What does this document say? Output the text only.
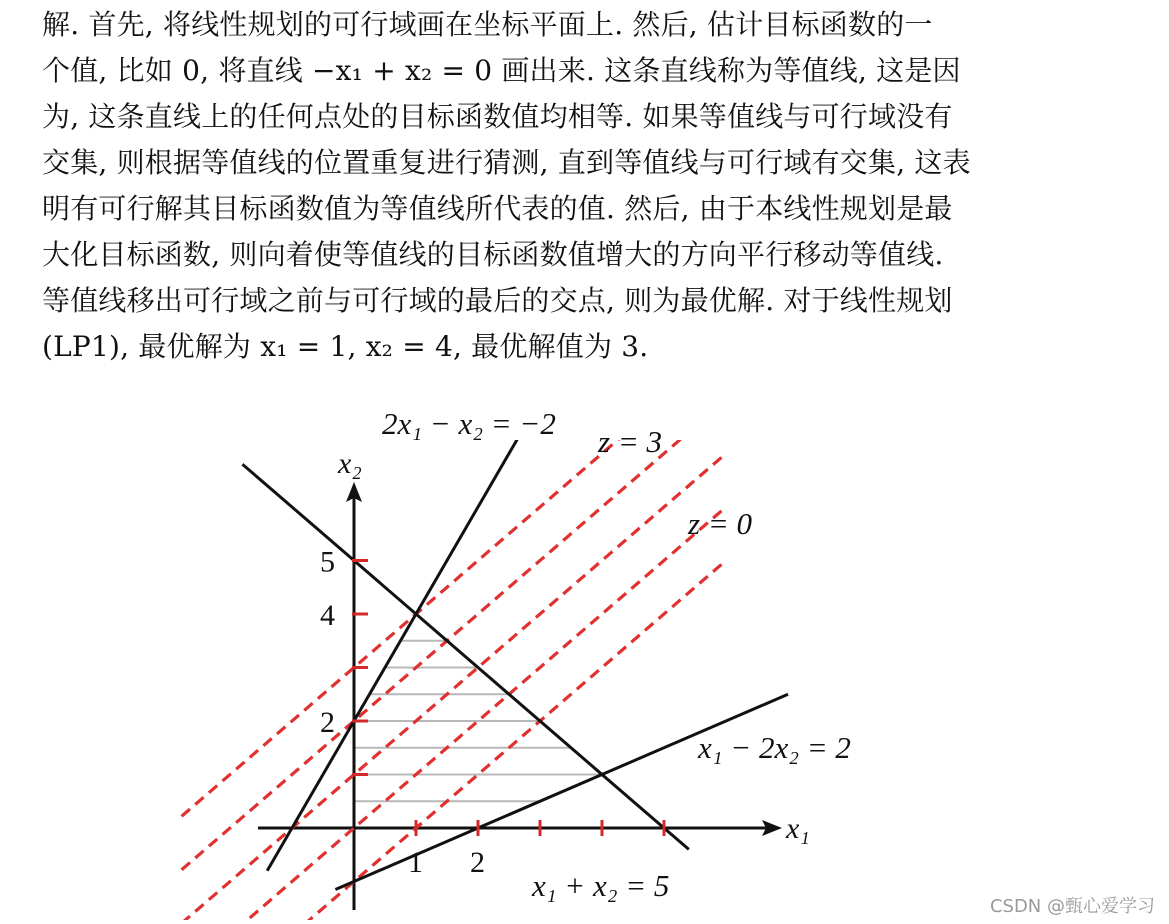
解. 首先, 将线性规划的可行域画在坐标平面上. 然后, 估计目标函数的一
个值, 比如 0, 将直线 −x₁ + x₂ = 0 画出来. 这条直线称为等值线, 这是因
为, 这条直线上的任何点处的目标函数值均相等. 如果等值线与可行域没有
交集, 则根据等值线的位置重复进行猜测, 直到等值线与可行域有交集, 这表
明有可行解其目标函数值为等值线所代表的值. 然后, 由于本线性规划是最
大化目标函数, 则向着使等值线的目标函数值增大的方向平行移动等值线.
等值线移出可行域之前与可行域的最后的交点, 则为最优解. 对于线性规划
(LP1), 最优解为 x₁ = 1, x₂ = 4, 最优解值为 3.
1 2
2
4
5
x₂
x₁
2x₁ − x₂ = −2
x₁ − 2x₂ = 2
x₁ + x₂ = 5
z = 3
z = 0
CSDN @甄心爱学习
